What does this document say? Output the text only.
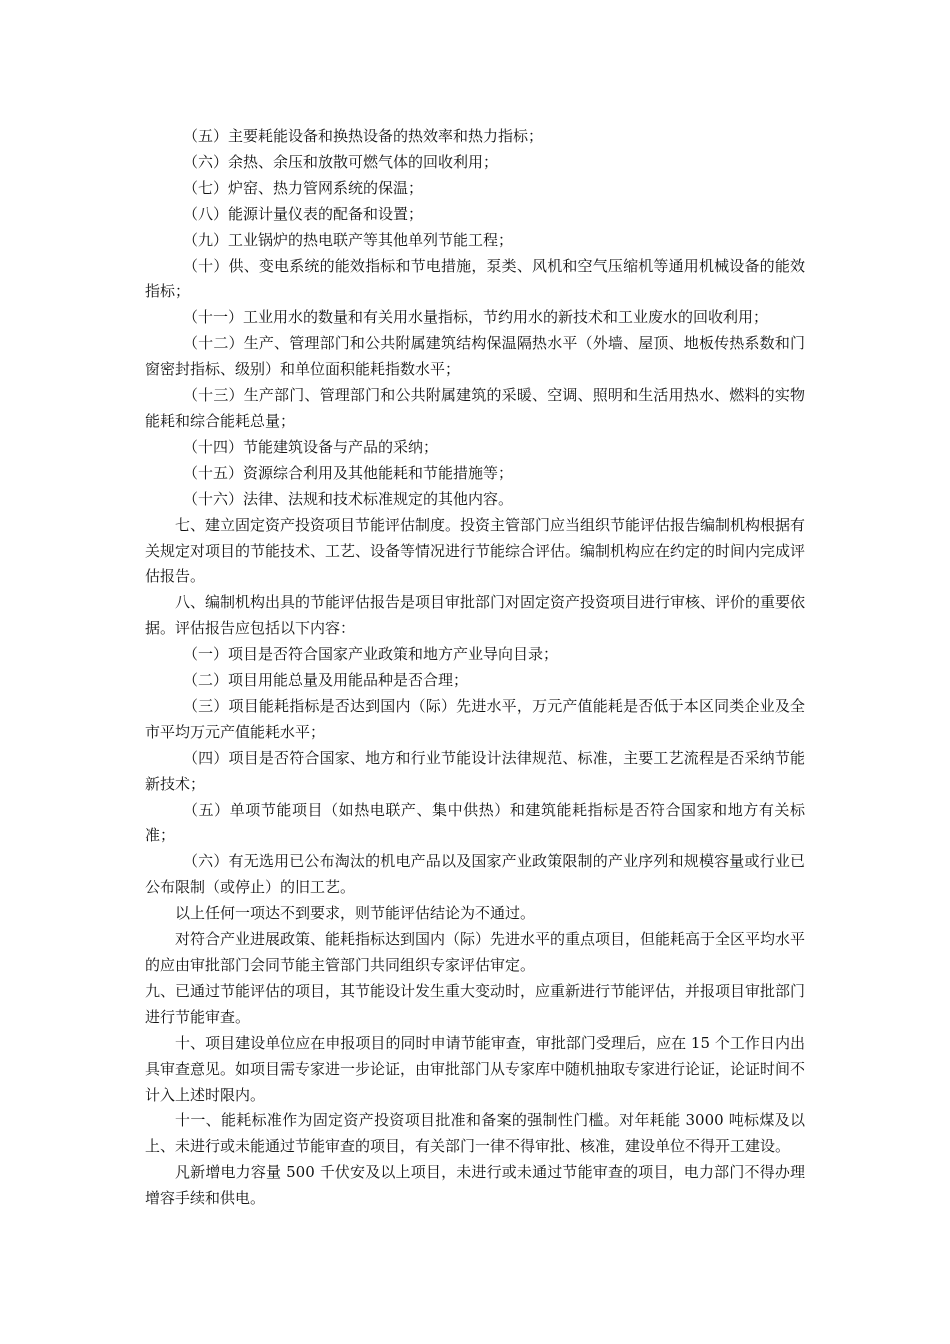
（五）主要耗能设备和换热设备的热效率和热力指标；

（六）余热、余压和放散可燃气体的回收利用；

（七）炉窑、热力管网系统的保温；

（八）能源计量仪表的配备和设置；

（九）工业锅炉的热电联产等其他单列节能工程；

（十）供、变电系统的能效指标和节电措施，泵类、风机和空气压缩机等通用机械设备的能效指标；

（十一）工业用水的数量和有关用水量指标，节约用水的新技术和工业废水的回收利用；

（十二）生产、管理部门和公共附属建筑结构保温隔热水平（外墙、屋顶、地板传热系数和门窗密封指标、级别）和单位面积能耗指数水平；

（十三）生产部门、管理部门和公共附属建筑的采暖、空调、照明和生活用热水、燃料的实物能耗和综合能耗总量；

（十四）节能建筑设备与产品的采纳；

（十五）资源综合利用及其他能耗和节能措施等；

（十六）法律、法规和技术标准规定的其他内容。

七、建立固定资产投资项目节能评估制度。投资主管部门应当组织节能评估报告编制机构根据有关规定对项目的节能技术、工艺、设备等情况进行节能综合评估。编制机构应在约定的时间内完成评估报告。

八、编制机构出具的节能评估报告是项目审批部门对固定资产投资项目进行审核、评价的重要依据。评估报告应包括以下内容：

（一）项目是否符合国家产业政策和地方产业导向目录；

（二）项目用能总量及用能品种是否合理；

（三）项目能耗指标是否达到国内（际）先进水平，万元产值能耗是否低于本区同类企业及全市平均万元产值能耗水平；

（四）项目是否符合国家、地方和行业节能设计法律规范、标准，主要工艺流程是否采纳节能新技术；

（五）单项节能项目（如热电联产、集中供热）和建筑能耗指标是否符合国家和地方有关标准；

（六）有无选用已公布淘汰的机电产品以及国家产业政策限制的产业序列和规模容量或行业已公布限制（或停止）的旧工艺。

以上任何一项达不到要求，则节能评估结论为不通过。

对符合产业进展政策、能耗指标达到国内（际）先进水平的重点项目，但能耗高于全区平均水平的应由审批部门会同节能主管部门共同组织专家评估审定。

九、已通过节能评估的项目，其节能设计发生重大变动时，应重新进行节能评估，并报项目审批部门进行节能审查。

十、项目建设单位应在申报项目的同时申请节能审查，审批部门受理后，应在 15 个工作日内出具审查意见。如项目需专家进一步论证，由审批部门从专家库中随机抽取专家进行论证，论证时间不计入上述时限内。

十一、能耗标准作为固定资产投资项目批准和备案的强制性门槛。对年耗能 3000 吨标煤及以上、未进行或未能通过节能审查的项目，有关部门一律不得审批、核准，建设单位不得开工建设。

凡新增电力容量 500 千伏安及以上项目，未进行或未通过节能审查的项目，电力部门不得办理增容手续和供电。
